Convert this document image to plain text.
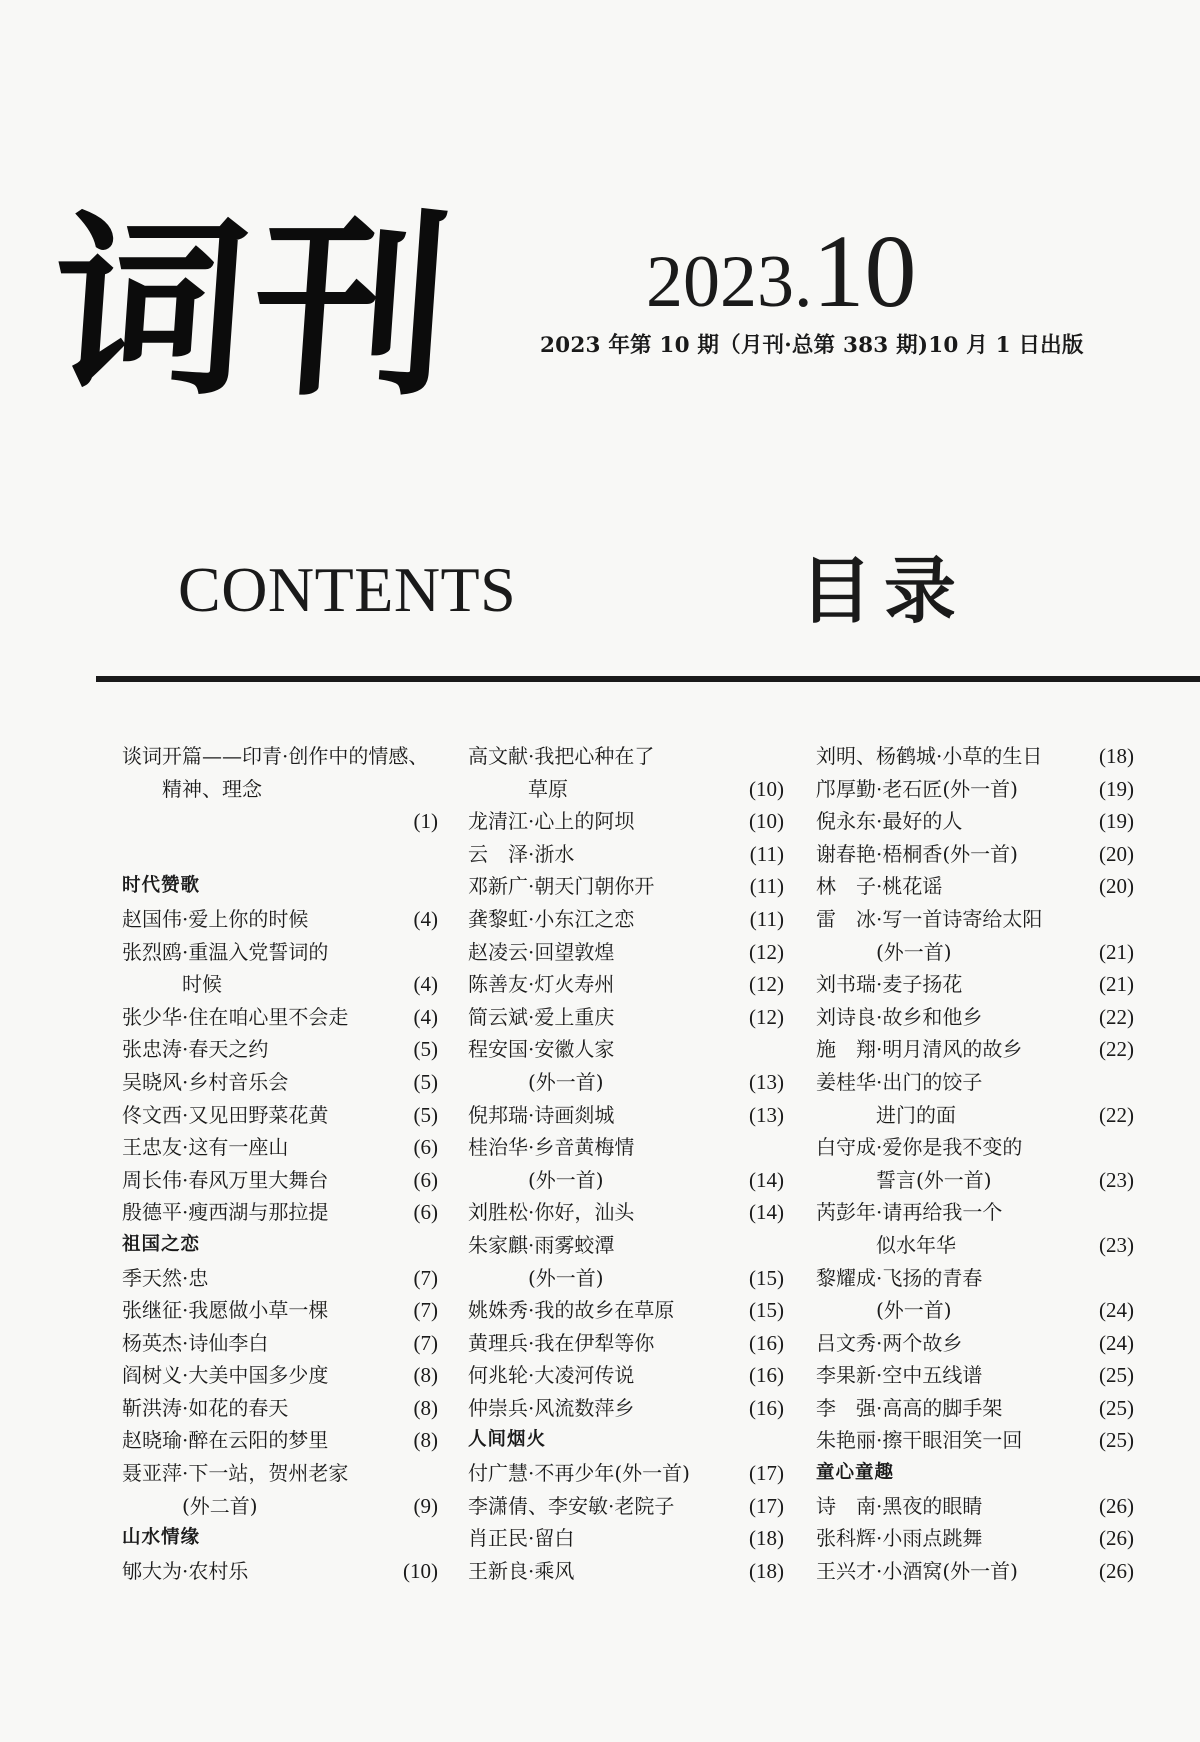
词刊 2023.10
2023 年第 10 期（月刊·总第 383 期)10 月 1 日出版
CONTENTS	目录
谈词开篇——印青·创作中的情感、
精神、理念
(1)
时代赞歌
赵国伟·爱上你的时候	(4)
张烈鸥·重温入党誓词的
时候	(4)
张少华·住在咱心里不会走	(4)
张忠涛·春天之约	(5)
吴晓风·乡村音乐会	(5)
佟文西·又见田野菜花黄	(5)
王忠友·这有一座山	(6)
周长伟·春风万里大舞台	(6)
殷德平·瘦西湖与那拉提	(6)
祖国之恋
季天然·忠	(7)
张继征·我愿做小草一棵	(7)
杨英杰·诗仙李白	(7)
阎树义·大美中国多少度	(8)
靳洪涛·如花的春天	(8)
赵晓瑜·醉在云阳的梦里	(8)
聂亚萍·下一站，贺州老家
(外二首)	(9)
山水情缘
郇大为·农村乐	(10)
高文献·我把心种在了
草原	(10)
龙清江·心上的阿坝	(10)
云　泽·浙水	(11)
邓新广·朝天门朝你开	(11)
龚黎虹·小东江之恋	(11)
赵凌云·回望敦煌	(12)
陈善友·灯火寿州	(12)
简云斌·爱上重庆	(12)
程安国·安徽人家
(外一首)	(13)
倪邦瑞·诗画剡城	(13)
桂治华·乡音黄梅情
(外一首)	(14)
刘胜松·你好，汕头	(14)
朱家麒·雨雾蛟潭
(外一首)	(15)
姚姝秀·我的故乡在草原	(15)
黄理兵·我在伊犁等你	(16)
何兆轮·大凌河传说	(16)
仲崇兵·风流数萍乡	(16)
人间烟火
付广慧·不再少年(外一首)	(17)
李潇倩、李安敏·老院子	(17)
肖正民·留白	(18)
王新良·乘风	(18)
刘明、杨鹤城·小草的生日	(18)
邝厚勤·老石匠(外一首)	(19)
倪永东·最好的人	(19)
谢春艳·梧桐香(外一首)	(20)
林　子·桃花谣	(20)
雷　冰·写一首诗寄给太阳
(外一首)	(21)
刘书瑞·麦子扬花	(21)
刘诗良·故乡和他乡	(22)
施　翔·明月清风的故乡	(22)
姜桂华·出门的饺子
进门的面	(22)
白守成·爱你是我不变的
誓言(外一首)	(23)
芮彭年·请再给我一个
似水年华	(23)
黎耀成·飞扬的青春
(外一首)	(24)
吕文秀·两个故乡	(24)
李果新·空中五线谱	(25)
李　强·高高的脚手架	(25)
朱艳丽·擦干眼泪笑一回	(25)
童心童趣
诗　南·黑夜的眼睛	(26)
张科辉·小雨点跳舞	(26)
王兴才·小酒窝(外一首)	(26)
